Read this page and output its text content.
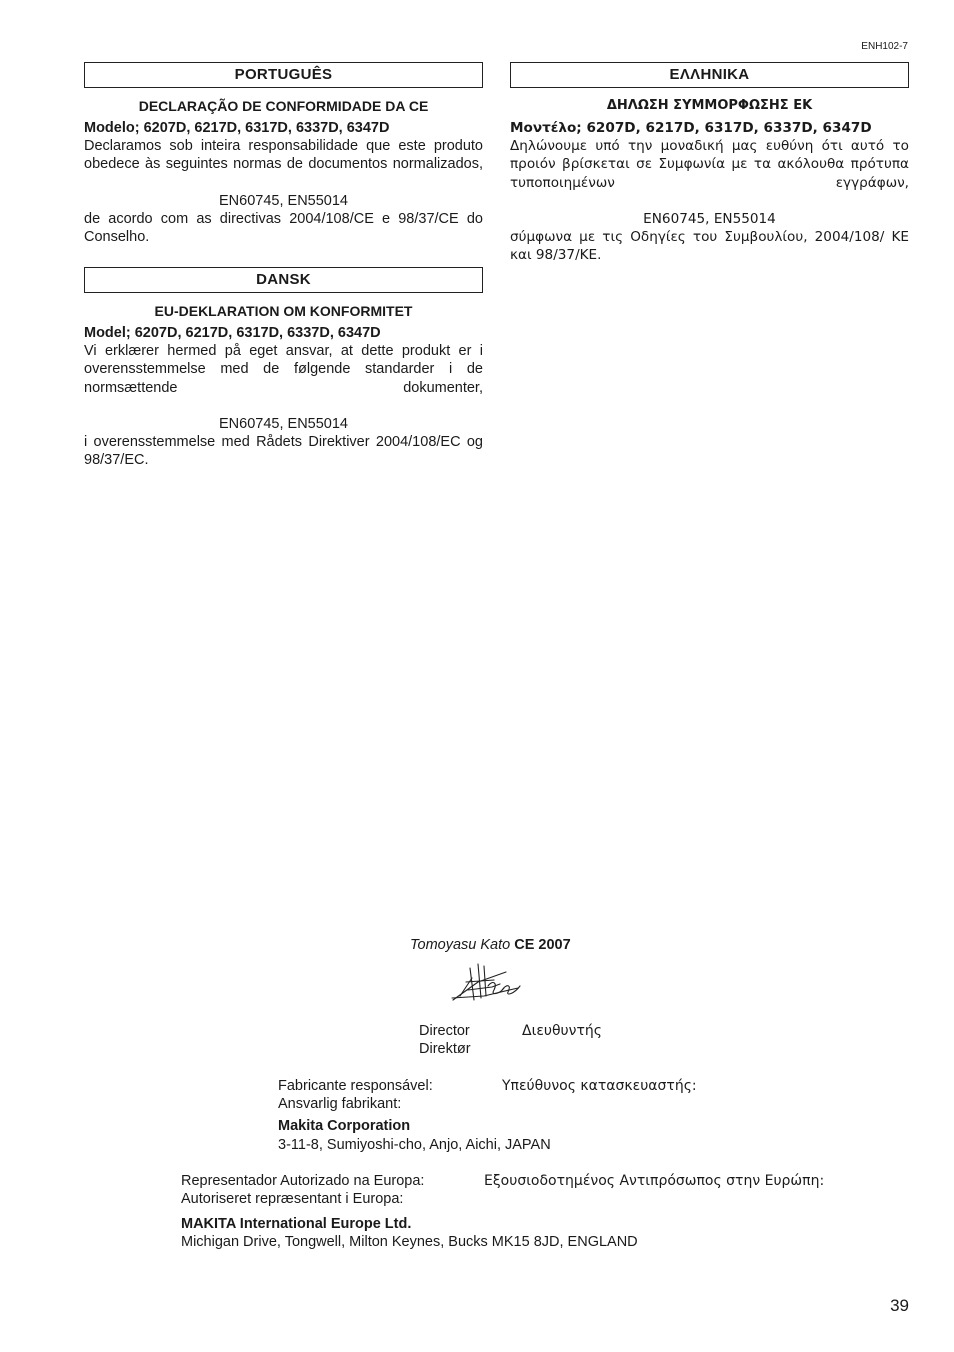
ENH102-7
PORTUGUÊS
DECLARAÇÃO DE CONFORMIDADE DA CE
Modelo; 6207D, 6217D, 6317D, 6337D, 6347D
Declaramos sob inteira responsabilidade que este produto obedece às seguintes normas de documentos normalizados,
EN60745, EN55014
de acordo com as directivas 2004/108/CE e 98/37/CE do Conselho.
ΕΛΛΗΝΙΚΑ
ΔΗΛΩΣΗ ΣΥΜΜΟΡΦΩΣΗΣ ΕΚ
Μοντέλο; 6207D, 6217D, 6317D, 6337D, 6347D
Δηλώνουμε υπό την μοναδική μας ευθύνη ότι αυτό το προιόν βρίσκεται σε Συμφωνία με τα ακόλουθα πρότυπα τυποποιημένων εγγράφων,
EN60745, EN55014
σύμφωνα με τις Οδηγίες του Συμβουλίου, 2004/108/ ΚΕ και 98/37/ΚΕ.
DANSK
EU-DEKLARATION OM KONFORMITET
Model; 6207D, 6217D, 6317D, 6337D, 6347D
Vi erklærer hermed på eget ansvar, at dette produkt er i overensstemmelse med de følgende standarder i de normsættende dokumenter,
EN60745, EN55014
i overensstemmelse med Rådets Direktiver 2004/108/EC og 98/37/EC.
Tomoyasu Kato CE 2007
Director
Direktør
Διευθυντής
Fabricante responsável:
Ansvarlig fabrikant:
Υπεύθυνος κατασκευαστής:
Makita Corporation
3-11-8, Sumiyoshi-cho, Anjo, Aichi, JAPAN
Representador Autorizado na Europa:
Autoriseret repræsentant i Europa:
Εξουσιοδοτημένος Αντιπρόσωπος στην Ευρώπη:
MAKITA International Europe Ltd.
Michigan Drive, Tongwell, Milton Keynes, Bucks MK15 8JD, ENGLAND
39
